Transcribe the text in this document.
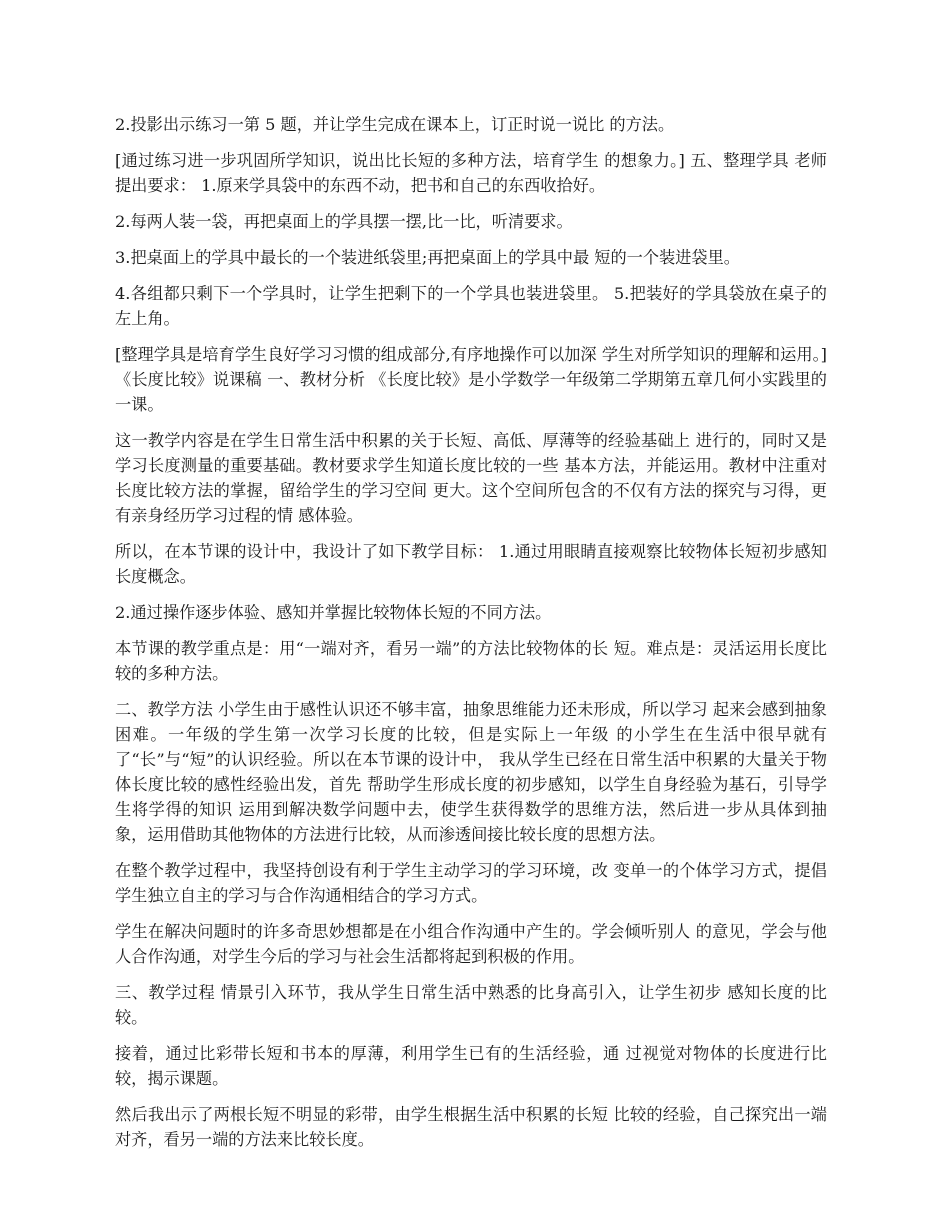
2.投影出示练习一第 5 题，并让学生完成在课本上，订正时说一说比 的方法。

[通过练习进一步巩固所学知识，说出比长短的多种方法，培育学生 的想象力。] 五、整理学具 老师提出要求： 1.原来学具袋中的东西不动，把书和自己的东西收拾好。

2.每两人装一袋，再把桌面上的学具摆一摆,比一比，听清要求。

3.把桌面上的学具中最长的一个装进纸袋里;再把桌面上的学具中最 短的一个装进袋里。

4.各组都只剩下一个学具时，让学生把剩下的一个学具也装进袋里。 5.把装好的学具袋放在桌子的左上角。

[整理学具是培育学生良好学习习惯的组成部分,有序地操作可以加深 学生对所学知识的理解和运用。] 《长度比较》说课稿 一、教材分析 《长度比较》是小学数学一年级第二学期第五章几何小实践里的一课。

这一教学内容是在学生日常生活中积累的关于长短、高低、厚薄等的经验基础上 进行的，同时又是学习长度测量的重要基础。教材要求学生知道长度比较的一些 基本方法，并能运用。教材中注重对长度比较方法的掌握，留给学生的学习空间 更大。这个空间所包含的不仅有方法的探究与习得，更有亲身经历学习过程的情 感体验。

所以，在本节课的设计中，我设计了如下教学目标： 1.通过用眼睛直接观察比较物体长短初步感知长度概念。

2.通过操作逐步体验、感知并掌握比较物体长短的不同方法。

本节课的教学重点是：用“一端对齐，看另一端”的方法比较物体的长 短。难点是：灵活运用长度比较的多种方法。

二、教学方法 小学生由于感性认识还不够丰富，抽象思维能力还未形成，所以学习 起来会感到抽象困难。一年级的学生第一次学习长度的比较，但是实际上一年级 的小学生在生活中很早就有了“长”与“短”的认识经验。所以在本节课的设计中， 我从学生已经在日常生活中积累的大量关于物体长度比较的感性经验出发，首先 帮助学生形成长度的初步感知，以学生自身经验为基石，引导学生将学得的知识 运用到解决数学问题中去，使学生获得数学的思维方法，然后进一步从具体到抽 象，运用借助其他物体的方法进行比较，从而渗透间接比较长度的思想方法。

在整个教学过程中，我坚持创设有利于学生主动学习的学习环境，改 变单一的个体学习方式，提倡学生独立自主的学习与合作沟通相结合的学习方式。

学生在解决问题时的许多奇思妙想都是在小组合作沟通中产生的。学会倾听别人 的意见，学会与他人合作沟通，对学生今后的学习与社会生活都将起到积极的作用。

三、教学过程 情景引入环节，我从学生日常生活中熟悉的比身高引入，让学生初步 感知长度的比较。

接着，通过比彩带长短和书本的厚薄，利用学生已有的生活经验，通 过视觉对物体的长度进行比较，揭示课题。

然后我出示了两根长短不明显的彩带，由学生根据生活中积累的长短 比较的经验，自己探究出一端对齐，看另一端的方法来比较长度。
